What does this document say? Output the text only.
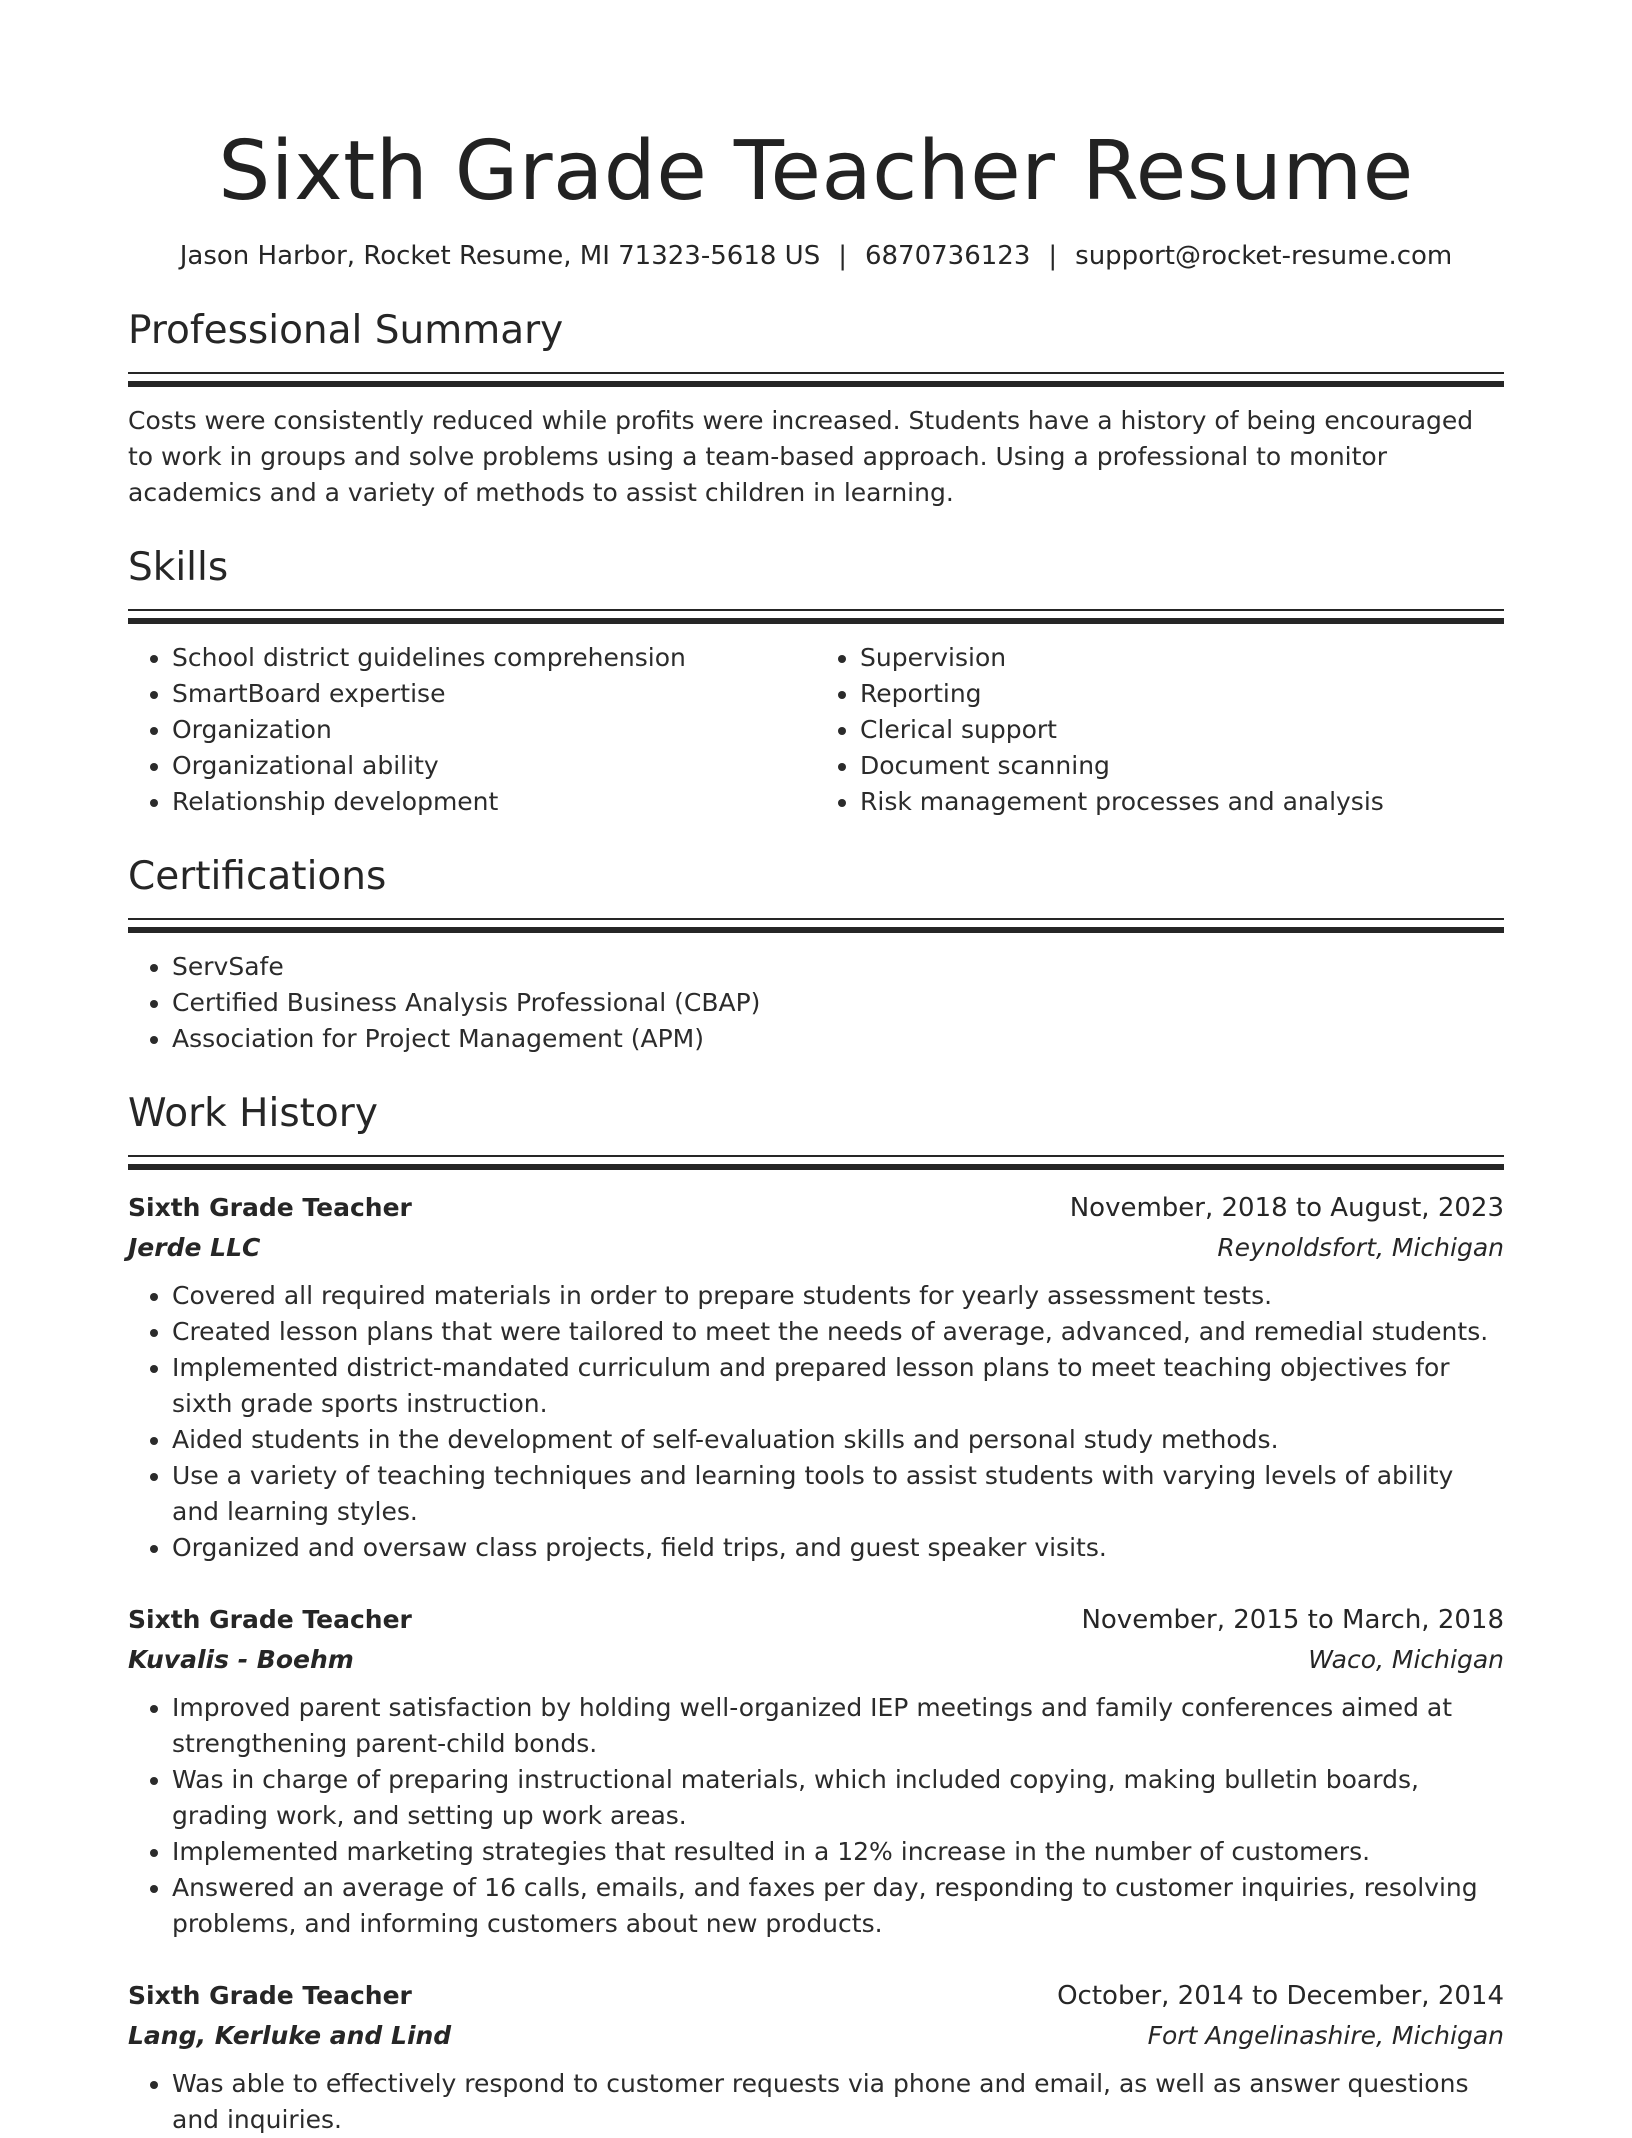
Sixth Grade Teacher Resume
Jason Harbor, Rocket Resume, MI 71323-5618 US | 6870736123 | support@rocket-resume.com
Professional Summary

Costs were consistently reduced while profits were increased. Students have a history of being encouraged to work in groups and solve problems using a team-based approach. Using a professional to monitor academics and a variety of methods to assist children in learning.

Skills
• School district guidelines comprehension
• SmartBoard expertise
• Organization
• Organizational ability
• Relationship development
• Supervision
• Reporting
• Clerical support
• Document scanning
• Risk management processes and analysis
Certifications
• ServSafe
• Certified Business Analysis Professional (CBAP)
• Association for Project Management (APM)
Work History
Sixth Grade Teacher	November, 2018 to August, 2023
Jerde LLC	Reynoldsfort, Michigan
• Covered all required materials in order to prepare students for yearly assessment tests.
• Created lesson plans that were tailored to meet the needs of average, advanced, and remedial students.
• Implemented district-mandated curriculum and prepared lesson plans to meet teaching objectives for sixth grade sports instruction.
• Aided students in the development of self-evaluation skills and personal study methods.
• Use a variety of teaching techniques and learning tools to assist students with varying levels of ability and learning styles.
• Organized and oversaw class projects, field trips, and guest speaker visits.
Sixth Grade Teacher	November, 2015 to March, 2018
Kuvalis - Boehm	Waco, Michigan
• Improved parent satisfaction by holding well-organized IEP meetings and family conferences aimed at strengthening parent-child bonds.
• Was in charge of preparing instructional materials, which included copying, making bulletin boards, grading work, and setting up work areas.
• Implemented marketing strategies that resulted in a 12% increase in the number of customers.
• Answered an average of 16 calls, emails, and faxes per day, responding to customer inquiries, resolving problems, and informing customers about new products.
Sixth Grade Teacher	October, 2014 to December, 2014
Lang, Kerluke and Lind	Fort Angelinashire, Michigan
• Was able to effectively respond to customer requests via phone and email, as well as answer questions and inquiries.
